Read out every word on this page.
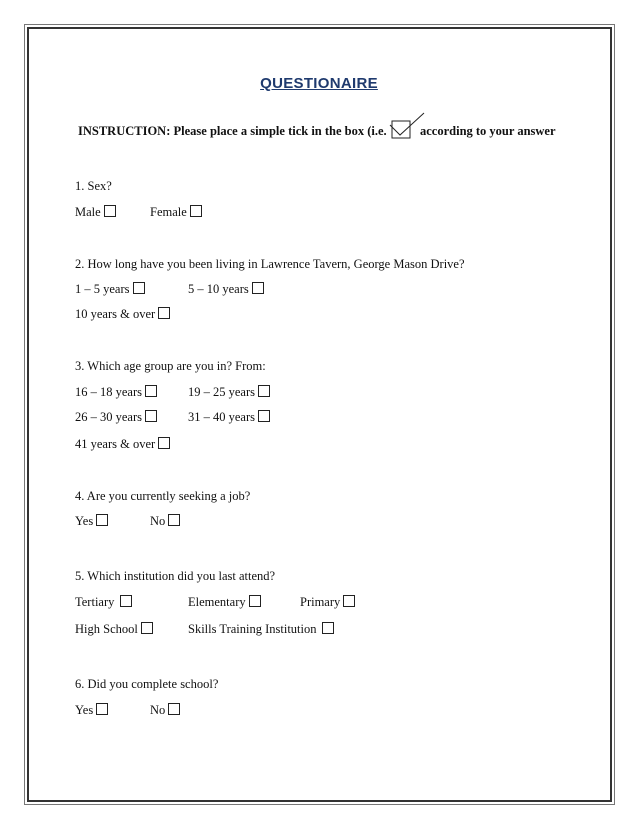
QUESTIONAIRE
INSTRUCTION: Please place a simple tick in the box (i.e.	according to your answer
1. Sex?
Male	Female
2. How long have you been living in Lawrence Tavern, George Mason Drive?
1 – 5 years	5 – 10 years
10 years & over
3. Which age group are you in? From:
16 – 18 years	19 – 25 years
26 – 30 years	31 – 40 years
41 years & over
4. Are you currently seeking a job?
Yes	No
5. Which institution did you last attend?
Tertiary	Elementary	Primary
High School	Skills Training Institution
6. Did you complete school?
Yes	No
